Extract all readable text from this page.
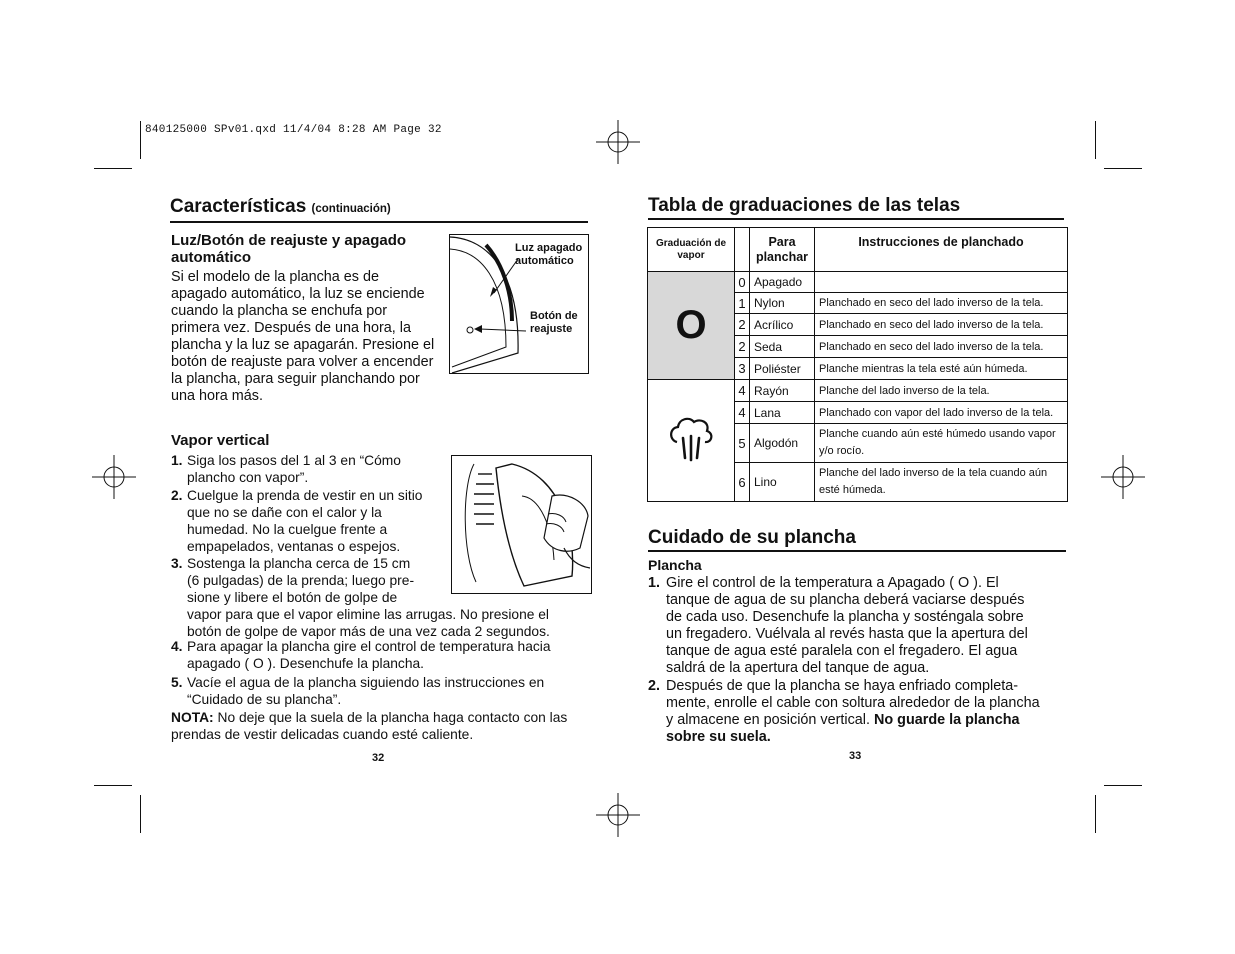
840125000 SPv01.qxd 11/4/04 8:28 AM Page 32
Características (continuación)
Luz/Botón de reajuste y apagado
automático
Si el modelo de la plancha es de
apagado automático, la luz se enciende
cuando la plancha se enchufa por
primera vez. Después de una hora, la
plancha y la luz se apagarán. Presione el
botón de reajuste para volver a encender
la plancha, para seguir planchando por
una hora más.
Luz apagado
automático
Botón de
reajuste
Vapor vertical
1. Siga los pasos del 1 al 3 en “Cómo
plancho con vapor”.
2. Cuelgue la prenda de vestir en un sitio
que no se dañe con el calor y la
humedad. No la cuelgue frente a
empapelados, ventanas o espejos.
3. Sostenga la plancha cerca de 15 cm
(6 pulgadas) de la prenda; luego pre-
sione y libere el botón de golpe de
vapor para que el vapor elimine las arrugas. No presione el
botón de golpe de vapor más de una vez cada 2 segundos.
4. Para apagar la plancha gire el control de temperatura hacia
apagado ( O ). Desenchufe la plancha.
5. Vacíe el agua de la plancha siguiendo las instrucciones en
“Cuidado de su plancha”.
NOTA: No deje que la suela de la plancha haga contacto con las
prendas de vestir delicadas cuando esté caliente.
32
Tabla de graduaciones de las telas
Graduación de vapor		Para planchar	Instrucciones de planchado
O	0	Apagado	
	1	Nylon	Planchado en seco del lado inverso de la tela.
	2	Acrílico	Planchado en seco del lado inverso de la tela.
	2	Seda	Planchado en seco del lado inverso de la tela.
	3	Poliéster	Planche mientras la tela esté aún húmeda.
	4	Rayón	Planche del lado inverso de la tela.
	4	Lana	Planchado con vapor del lado inverso de la tela.
	5	Algodón	Planche cuando aún esté húmedo usando vapor y/o rocío.
	6	Lino	Planche del lado inverso de la tela cuando aún esté húmeda.
Cuidado de su plancha
Plancha
1. Gire el control de la temperatura a Apagado ( O ). El
tanque de agua de su plancha deberá vaciarse después
de cada uso. Desenchufe la plancha y sosténgala sobre
un fregadero. Vuélvala al revés hasta que la apertura del
tanque de agua esté paralela con el fregadero. El agua
saldrá de la apertura del tanque de agua.
2. Después de que la plancha se haya enfriado completa-
mente, enrolle el cable con soltura alrededor de la plancha
y almacene en posición vertical. No guarde la plancha
sobre su suela.
33
